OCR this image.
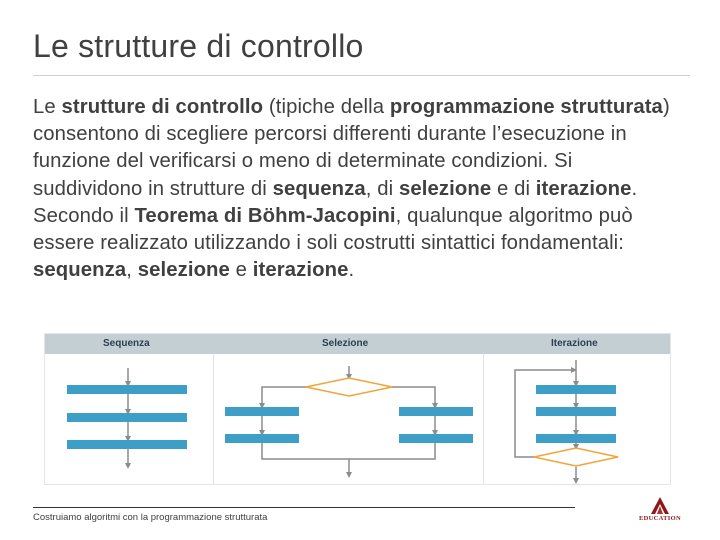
Le strutture di controllo

Le strutture di controllo (tipiche della programmazione strutturata) consentono di scegliere percorsi differenti durante l’esecuzione in funzione del verificarsi o meno di determinate condizioni. Si suddividono in strutture di sequenza, di selezione e di iterazione.

Secondo il Teorema di Böhm-Jacopini, qualunque algoritmo può essere realizzato utilizzando i soli costrutti sintattici fondamentali: sequenza, selezione e iterazione.

Sequenza	Selezione	Iterazione
Costruiamo algoritmi con la programmazione strutturata	EDUCATION
